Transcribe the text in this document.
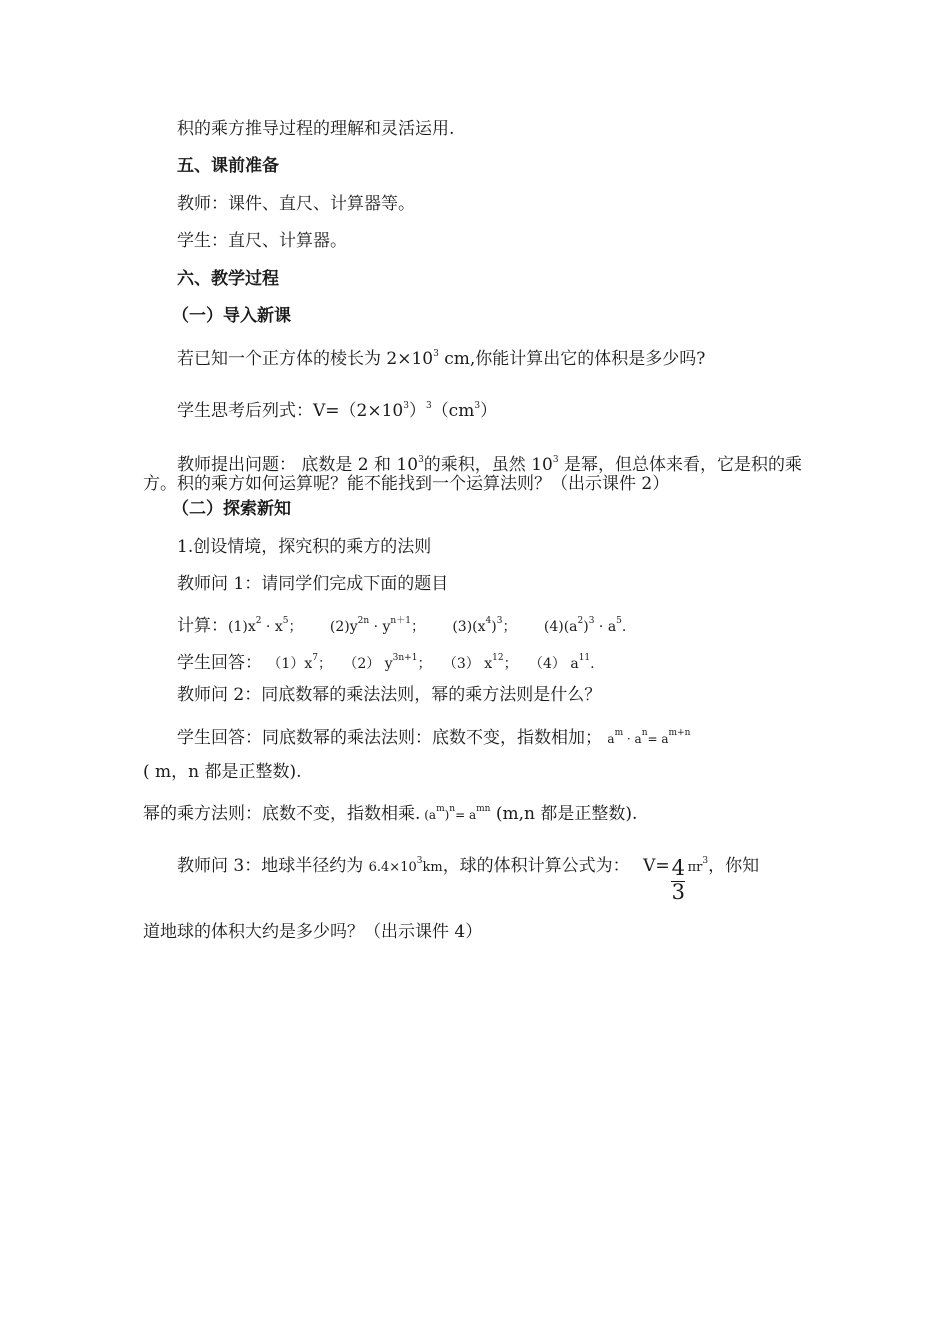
积的乘方推导过程的理解和灵活运用.
五、课前准备
教师：课件、直尺、计算器等。
学生：直尺、计算器。
六、教学过程
（一）导入新课
若已知一个正方体的棱长为 $2\times 10^3$ cm,你能计算出它的体积是多少吗?
学生思考后列式：$V=(2\times 10^3)^3(cm^3)$
教师提出问题： 底数是 2 和 $10^3$的乘积，虽然 $10^3$ 是幂，但总体来看，它是积的乘
方。积的乘方如何运算呢？能不能找到一个运算法则？（出示课件 2）
（二）探索新知
1.创设情境，探究积的乘方的法则
教师问 1：请同学们完成下面的题目
计算：$(1)x^2 \cdot x^5$； $(2)y^{2n} \cdot y^{n+1}$； $(3)(x^4)^3$； $(4)(a^2)^3 \cdot a^5$.
学生回答： $(1)x^7$； （2） $y^{3n+1}$； （3） $x^{12}$； （4） $a^{11}$.
教师问 2：同底数幂的乘法法则，幂的乘方法则是什么？
学生回答：同底数幂的乘法法则：底数不变，指数相加； $a^m \cdot a^n= a^{m+n}$
( m，n 都是正整数).
幂的乘方法则：底数不变，指数相乘. $(a^m)^n= a^{mn}$ (m,n 都是正整数).
教师问 3：地球半径约为 $6.4\times 10^3km$，球的体积计算公式为： $V= \frac{4}{3} \pi r^3$，你知
道地球的体积大约是多少吗？（出示课件 4）
